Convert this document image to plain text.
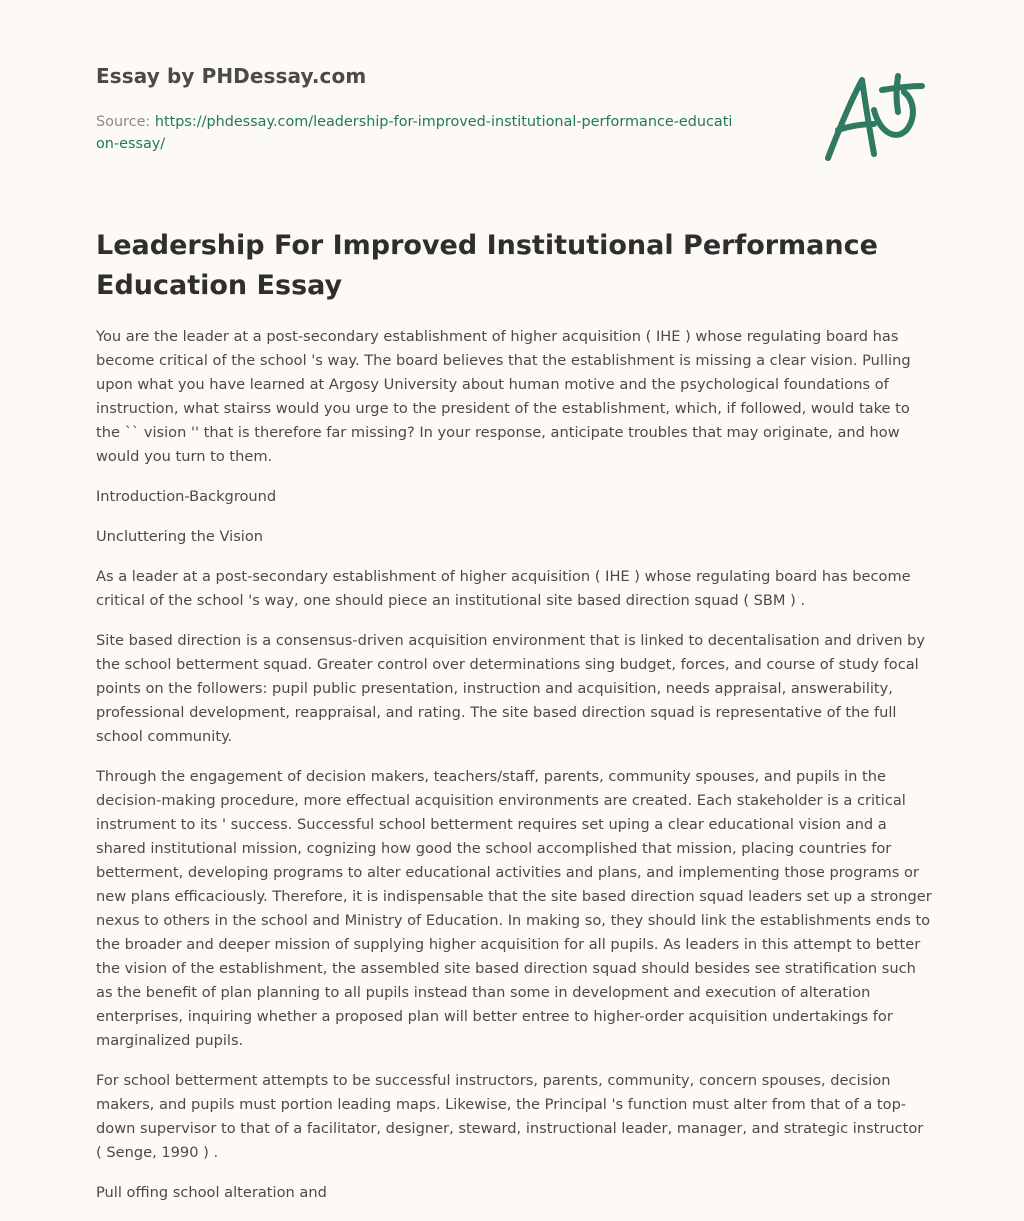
Essay by PHDessay.com
Source: https://phdessay.com/leadership-for-improved-institutional-performance-education-essay/
Leadership For Improved Institutional Performance Education Essay

You are the leader at a post-secondary establishment of higher acquisition ( IHE ) whose regulating board has become critical of the school 's way. The board believes that the establishment is missing a clear vision. Pulling upon what you have learned at Argosy University about human motive and the psychological foundations of instruction, what stairss would you urge to the president of the establishment, which, if followed, would take to the `` vision '' that is therefore far missing? In your response, anticipate troubles that may originate, and how would you turn to them.

Introduction-Background

Uncluttering the Vision

As a leader at a post-secondary establishment of higher acquisition ( IHE ) whose regulating board has become critical of the school 's way, one should piece an institutional site based direction squad ( SBM ) .

Site based direction is a consensus-driven acquisition environment that is linked to decentalisation and driven by the school betterment squad. Greater control over determinations sing budget, forces, and course of study focal points on the followers: pupil public presentation, instruction and acquisition, needs appraisal, answerability, professional development, reappraisal, and rating. The site based direction squad is representative of the full school community.

Through the engagement of decision makers, teachers/staff, parents, community spouses, and pupils in the decision-making procedure, more effectual acquisition environments are created. Each stakeholder is a critical instrument to its ' success. Successful school betterment requires set uping a clear educational vision and a shared institutional mission, cognizing how good the school accomplished that mission, placing countries for betterment, developing programs to alter educational activities and plans, and implementing those programs or new plans efficaciously. Therefore, it is indispensable that the site based direction squad leaders set up a stronger nexus to others in the school and Ministry of Education. In making so, they should link the establishments ends to the broader and deeper mission of supplying higher acquisition for all pupils. As leaders in this attempt to better the vision of the establishment, the assembled site based direction squad should besides see stratification such as the benefit of plan planning to all pupils instead than some in development and execution of alteration enterprises, inquiring whether a proposed plan will better entree to higher-order acquisition undertakings for marginalized pupils.

For school betterment attempts to be successful instructors, parents, community, concern spouses, decision makers, and pupils must portion leading maps. Likewise, the Principal 's function must alter from that of a top-down supervisor to that of a facilitator, designer, steward, instructional leader, manager, and strategic instructor ( Senge, 1990 ) .

Pull offing school alteration and
